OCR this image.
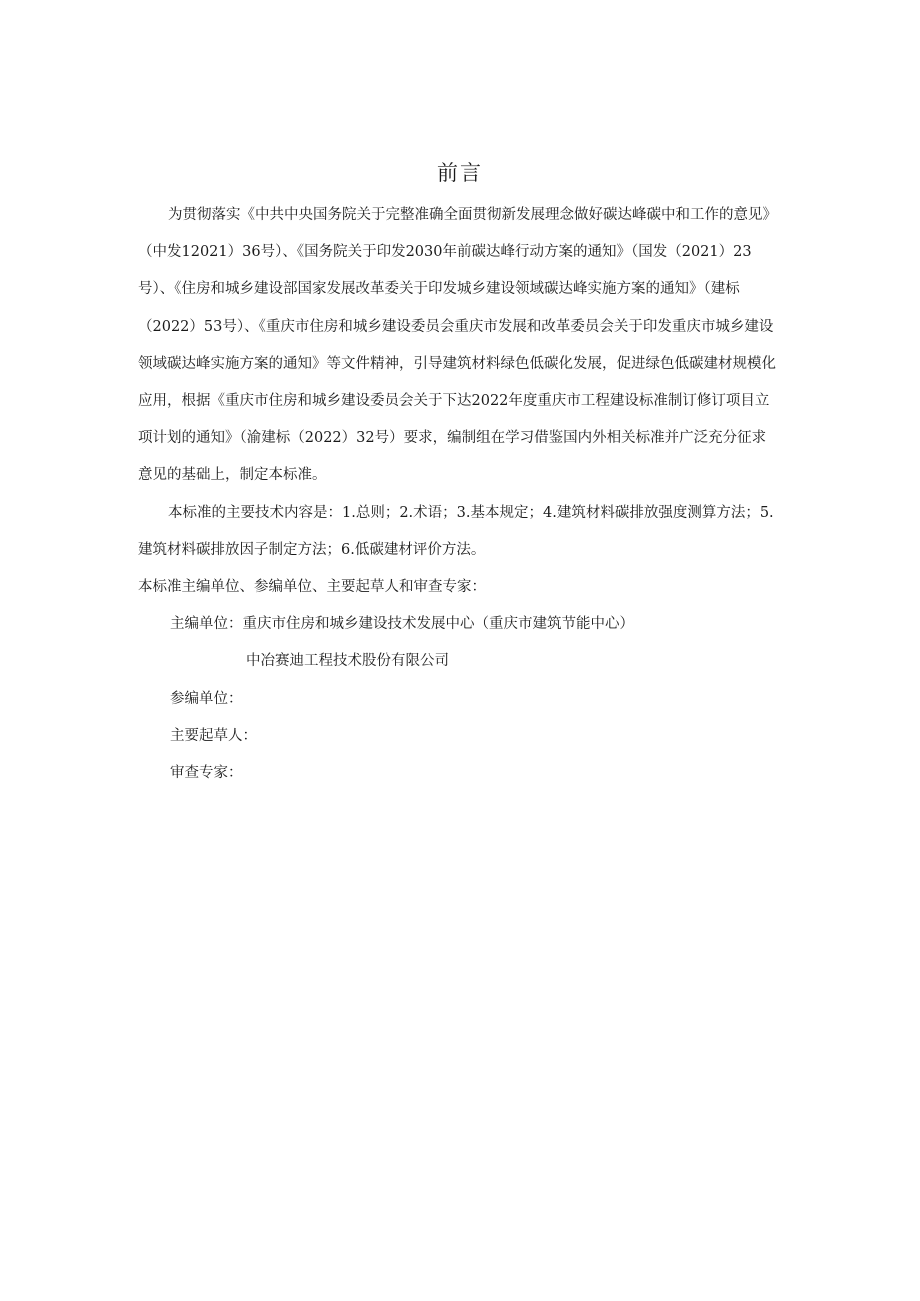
前言

为贯彻落实《中共中央国务院关于完整准确全面贯彻新发展理念做好碳达峰碳中和工作的意见》（中发12021）36号）、《国务院关于印发2030年前碳达峰行动方案的通知》（国发（2021）23号）、《住房和城乡建设部国家发展改革委关于印发城乡建设领域碳达峰实施方案的通知》（建标（2022）53号）、《重庆市住房和城乡建设委员会重庆市发展和改革委员会关于印发重庆市城乡建设领域碳达峰实施方案的通知》等文件精神，引导建筑材料绿色低碳化发展，促进绿色低碳建材规模化应用，根据《重庆市住房和城乡建设委员会关于下达2022年度重庆市工程建设标准制订修订项目立项计划的通知》（渝建标（2022）32号）要求，编制组在学习借鉴国内外相关标准并广泛充分征求意见的基础上，制定本标准。

本标准的主要技术内容是：1.总则；2.术语；3.基本规定；4.建筑材料碳排放强度测算方法；5.建筑材料碳排放因子制定方法；6.低碳建材评价方法。

本标准主编单位、参编单位、主要起草人和审查专家：

主编单位：重庆市住房和城乡建设技术发展中心（重庆市建筑节能中心）

中冶赛迪工程技术股份有限公司

参编单位：

主要起草人：

审查专家：
